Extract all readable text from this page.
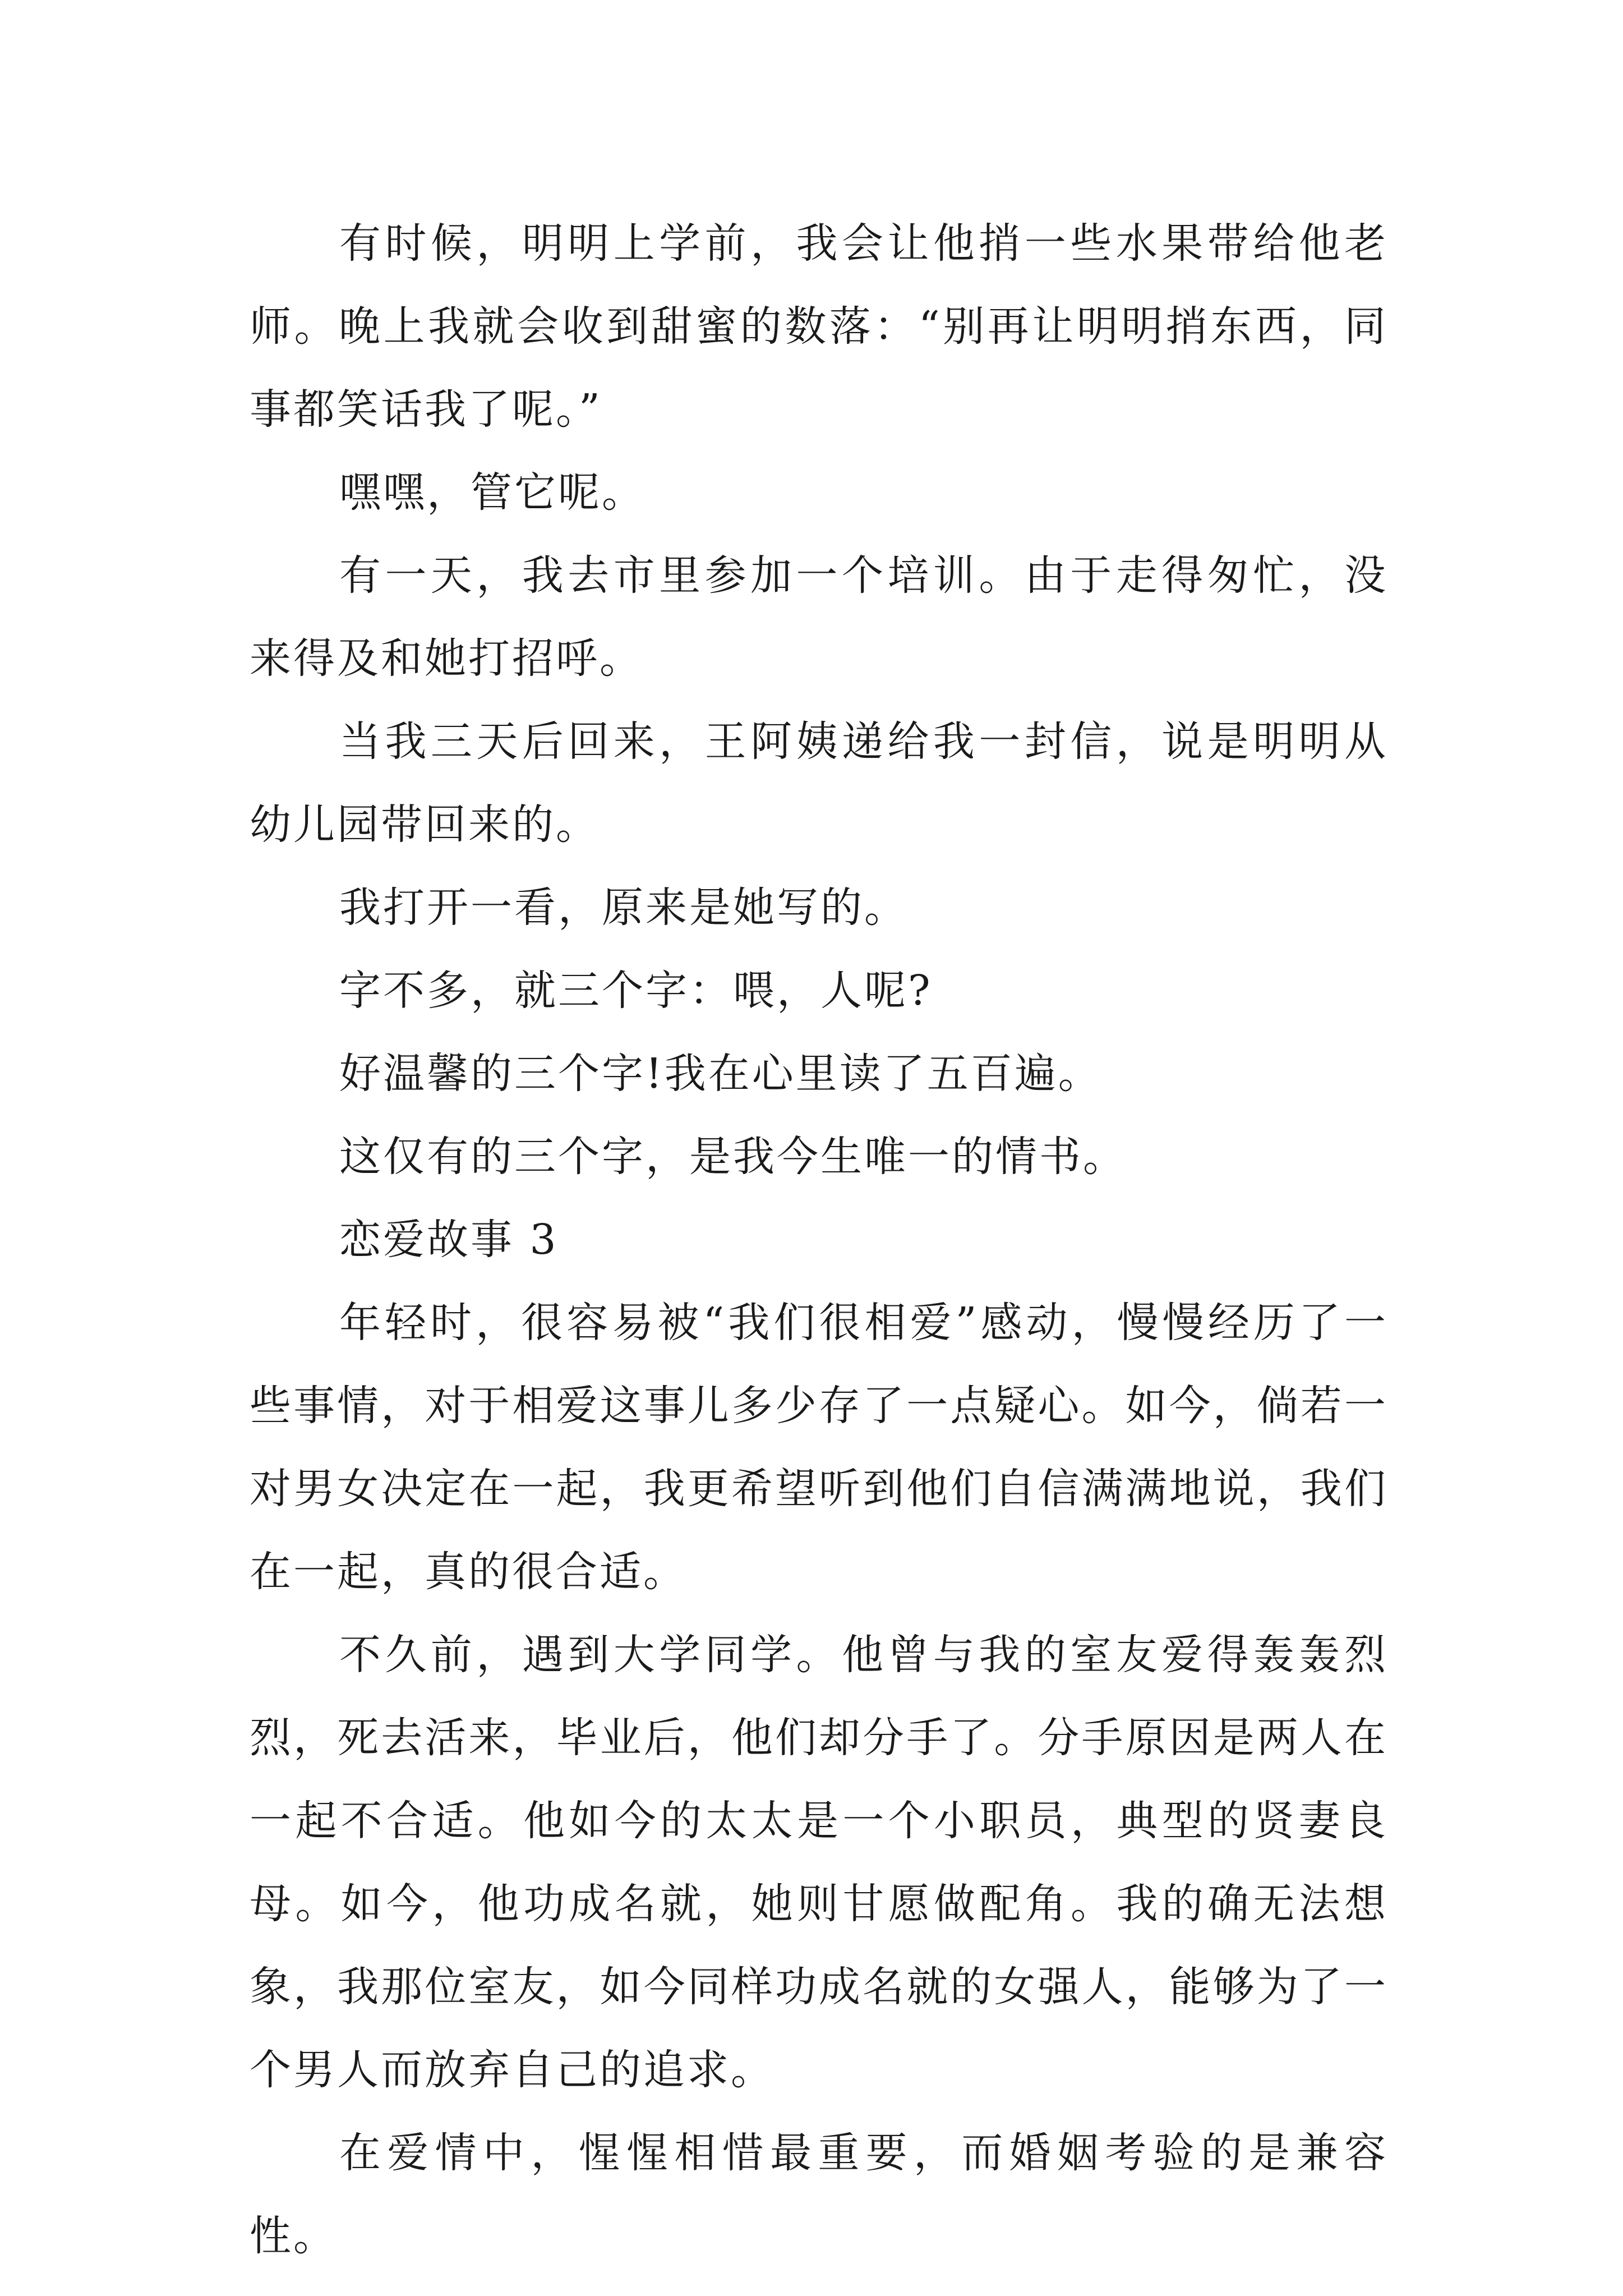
有时候，明明上学前，我会让他捎一些水果带给他老师。晚上我就会收到甜蜜的数落：“别再让明明捎东西，同事都笑话我了呢。”

嘿嘿，管它呢。

有一天，我去市里参加一个培训。由于走得匆忙，没来得及和她打招呼。

当我三天后回来，王阿姨递给我一封信，说是明明从幼儿园带回来的。

我打开一看，原来是她写的。

字不多，就三个字：喂，人呢?

好温馨的三个字!我在心里读了五百遍。

这仅有的三个字，是我今生唯一的情书。

恋爱故事 3

年轻时，很容易被“我们很相爱”感动，慢慢经历了一些事情，对于相爱这事儿多少存了一点疑心。如今，倘若一对男女决定在一起，我更希望听到他们自信满满地说，我们在一起，真的很合适。

不久前，遇到大学同学。他曾与我的室友爱得轰轰烈烈，死去活来，毕业后，他们却分手了。分手原因是两人在一起不合适。他如今的太太是一个小职员，典型的贤妻良母。如今，他功成名就，她则甘愿做配角。我的确无法想象，我那位室友，如今同样功成名就的女强人，能够为了一个男人而放弃自己的追求。

在爱情中，惺惺相惜最重要，而婚姻考验的是兼容性。
